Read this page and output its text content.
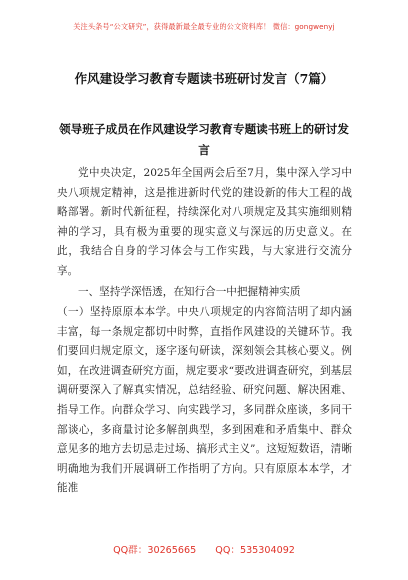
关注头条号“公文研究”，获得最新最全最专业的公文资料库！ 微信：gongwenyj
作风建设学习教育专题读书班研讨发言（7篇）
领导班子成员在作风建设学习教育专题读书班上的研讨发言
党中央决定，2025年全国两会后至7月，集中深入学习中央八项规定精神，这是推进新时代党的建设新的伟大工程的战略部署。新时代新征程，持续深化对八项规定及其实施细则精神的学习，具有极为重要的现实意义与深远的历史意义。在此，我结合自身的学习体会与工作实践，与大家进行交流分享。
一、坚持学深悟透，在知行合一中把握精神实质
（一）坚持原原本本学。中央八项规定的内容简洁明了却内涵丰富，每一条规定都切中时弊，直指作风建设的关键环节。我们要回归规定原文，逐字逐句研读，深刻领会其核心要义。例如，在改进调查研究方面，规定要求“要改进调查研究，到基层调研要深入了解真实情况，总结经验、研究问题、解决困难、指导工作。向群众学习、向实践学习，多同群众座谈，多同干部谈心，多商量讨论多解剖典型，多到困难和矛盾集中、群众意见多的地方去切忌走过场、搞形式主义”。这短短数语，清晰明确地为我们开展调研工作指明了方向。只有原原本本学，才能准
QQ群：30265665 QQ：535304092
